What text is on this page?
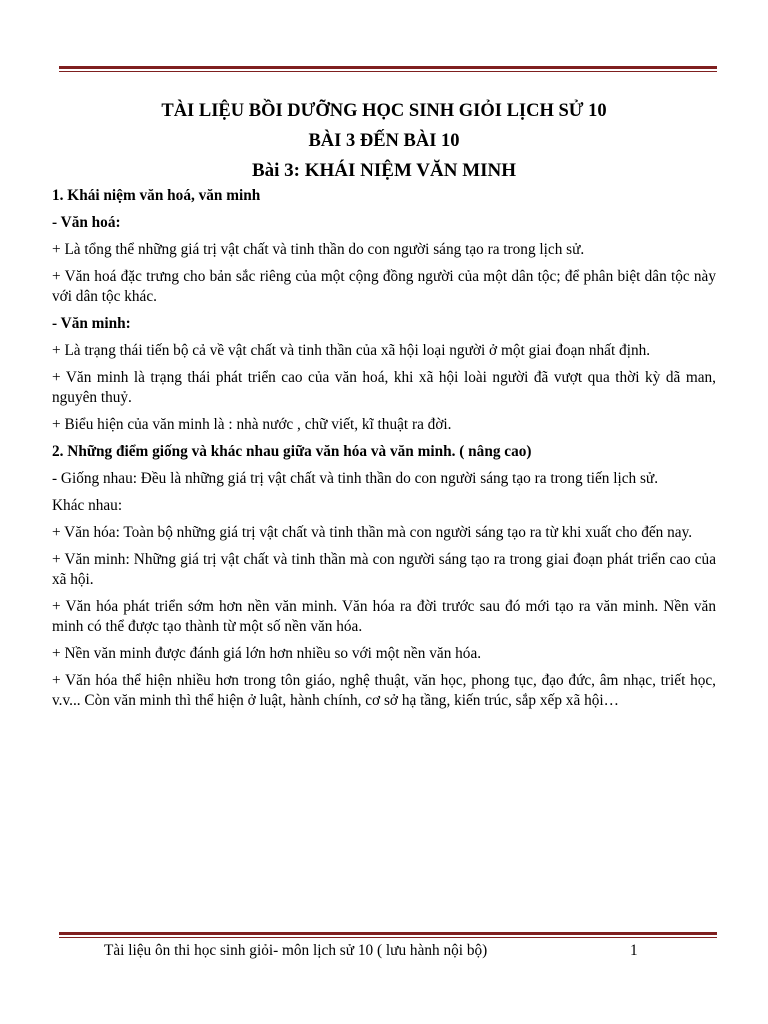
TÀI LIỆU BỒI DƯỠNG HỌC SINH GIỎI LỊCH SỬ 10

BÀI 3 ĐẾN BÀI 10

Bài 3: KHÁI NIỆM VĂN MINH

1. Khái niệm văn hoá, văn minh

- Văn hoá:

+ Là tổng thể những giá trị vật chất và tinh thần do con người sáng tạo ra trong lịch sử.

+ Văn hoá đặc trưng cho bản sắc riêng của một cộng đồng người của một dân tộc; để phân biệt dân tộc này với dân tộc khác.

- Văn minh:

+ Là trạng thái tiến bộ cả về vật chất và tinh thần của xã hội loại người ở một giai đoạn nhất định.

+ Văn minh là trạng thái phát triển cao của văn hoá, khi xã hội loài người đã vượt qua thời kỳ dã man, nguyên thuỷ.

+ Biểu hiện của văn minh là : nhà nước , chữ viết, kĩ thuật ra đời.

2. Những điểm giống và khác nhau giữa văn hóa và văn minh. ( nâng cao)

- Giống nhau: Đều là những giá trị vật chất và tinh thần do con người sáng tạo ra trong tiến lịch sử.

Khác nhau:

+ Văn hóa: Toàn bộ những giá trị vật chất và tinh thần mà con người sáng tạo ra từ khi xuất cho đến nay.

+ Văn minh: Những giá trị vật chất và tinh thần mà con người sáng tạo ra trong giai đoạn phát triển cao của xã hội.

+ Văn hóa phát triển sớm hơn nền văn minh. Văn hóa ra đời trước sau đó mới tạo ra văn minh. Nền văn minh có thể được tạo thành từ một số nền văn hóa.

+ Nền văn minh được đánh giá lớn hơn nhiều so với một nền văn hóa.

+ Văn hóa thể hiện nhiều hơn trong tôn giáo, nghệ thuật, văn học, phong tục, đạo đức, âm nhạc, triết học, v.v... Còn văn minh thì thể hiện ở luật, hành chính, cơ sở hạ tầng, kiến trúc, sắp xếp xã hội…

Tài liệu ôn thi học sinh giỏi- môn lịch sử 10 ( lưu hành nội bộ)	1
